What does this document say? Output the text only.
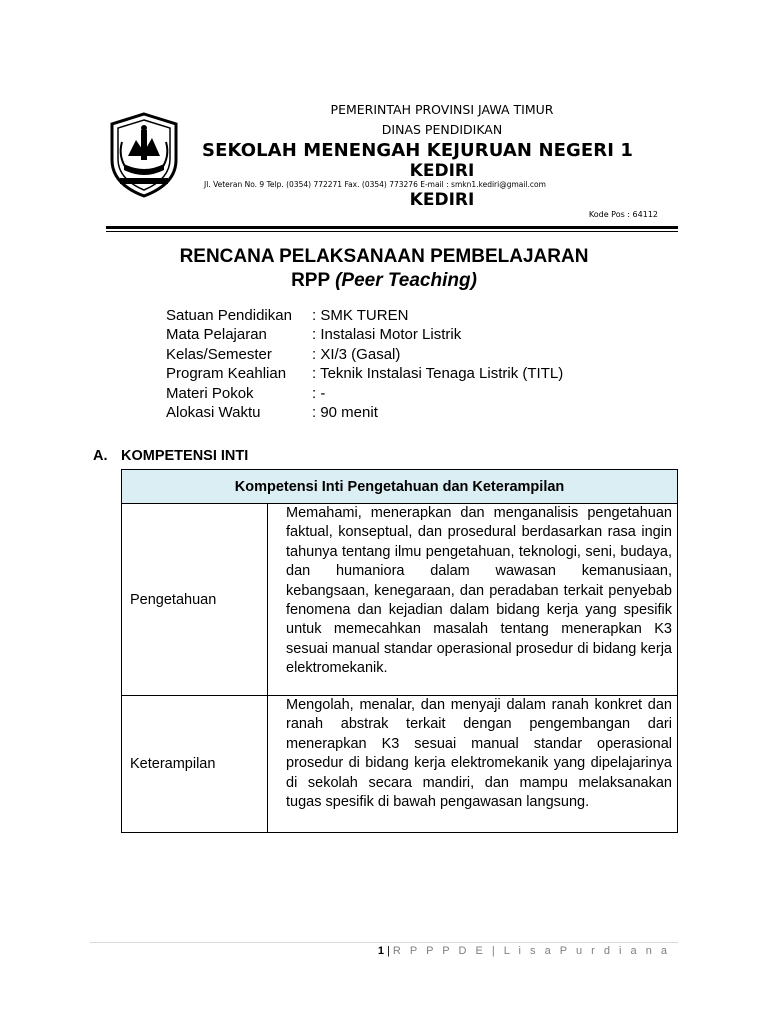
PEMERINTAH PROVINSI JAWA TIMUR
DINAS PENDIDIKAN
SEKOLAH MENENGAH KEJURUAN NEGERI 1
KEDIRI
Jl. Veteran No. 9 Telp. (0354) 772271 Fax. (0354) 773276 E-mail : smkn1.kediri@gmail.com
KEDIRI
Kode Pos : 64112
RENCANA PELAKSANAAN PEMBELAJARAN
RPP (Peer Teaching)
Satuan Pendidikan	: SMK TUREN
Mata Pelajaran	: Instalasi Motor Listrik
Kelas/Semester	: XI/3 (Gasal)
Program Keahlian	: Teknik Instalasi Tenaga Listrik (TITL)
Materi Pokok	: -
Alokasi Waktu	: 90 menit
A. KOMPETENSI INTI
Kompetensi Inti Pengetahuan dan Keterampilan	
Pengetahuan	Memahami, menerapkan dan menganalisis pengetahuan faktual, konseptual, dan prosedural berdasarkan rasa ingin tahunya tentang ilmu pengetahuan, teknologi, seni, budaya, dan humaniora dalam wawasan kemanusiaan, kebangsaan, kenegaraan, dan peradaban terkait penyebab fenomena dan kejadian dalam bidang kerja yang spesifik untuk memecahkan masalah tentang menerapkan K3 sesuai manual standar operasional prosedur di bidang kerja elektromekanik.
Keterampilan	Mengolah, menalar, dan menyaji dalam ranah konkret dan ranah abstrak terkait dengan pengembangan dari menerapkan K3 sesuai manual standar operasional prosedur di bidang kerja elektromekanik yang dipelajarinya di sekolah secara mandiri, dan mampu melaksanakan tugas spesifik di bawah pengawasan langsung.
1|R P P P D E | L i s a P u r d i a n a
